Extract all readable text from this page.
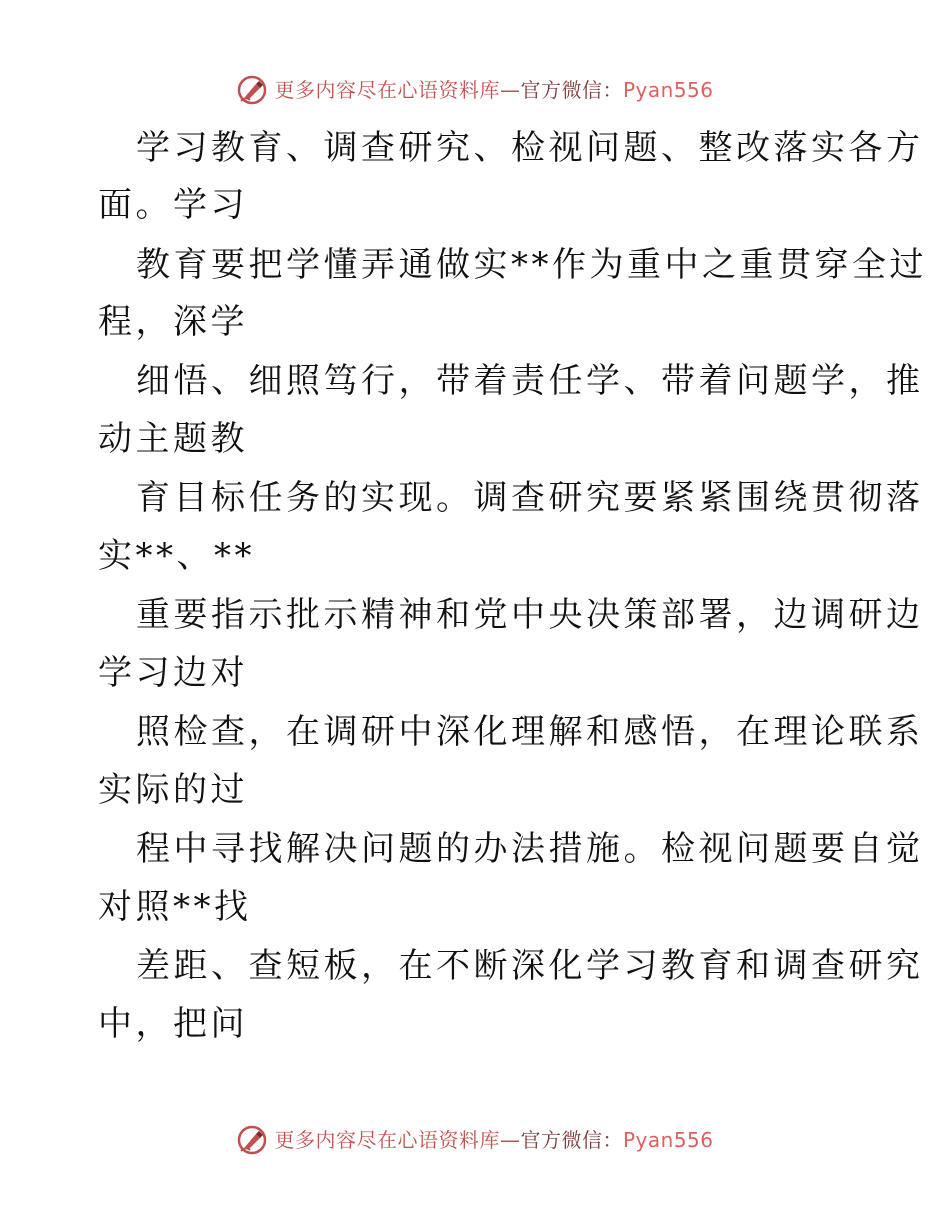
更多内容尽在心语资料库—官方微信：Pyan556
学习教育、调查研究、检视问题、整改落实各方
面。学习
教育要把学懂弄通做实**作为重中之重贯穿全过
程，深学
细悟、细照笃行，带着责任学、带着问题学，推
动主题教
育目标任务的实现。调查研究要紧紧围绕贯彻落
实**、**
重要指示批示精神和党中央决策部署，边调研边
学习边对
照检查，在调研中深化理解和感悟，在理论联系
实际的过
程中寻找解决问题的办法措施。检视问题要自觉
对照**找
差距、查短板，在不断深化学习教育和调查研究
中，把问
更多内容尽在心语资料库—官方微信：Pyan556
